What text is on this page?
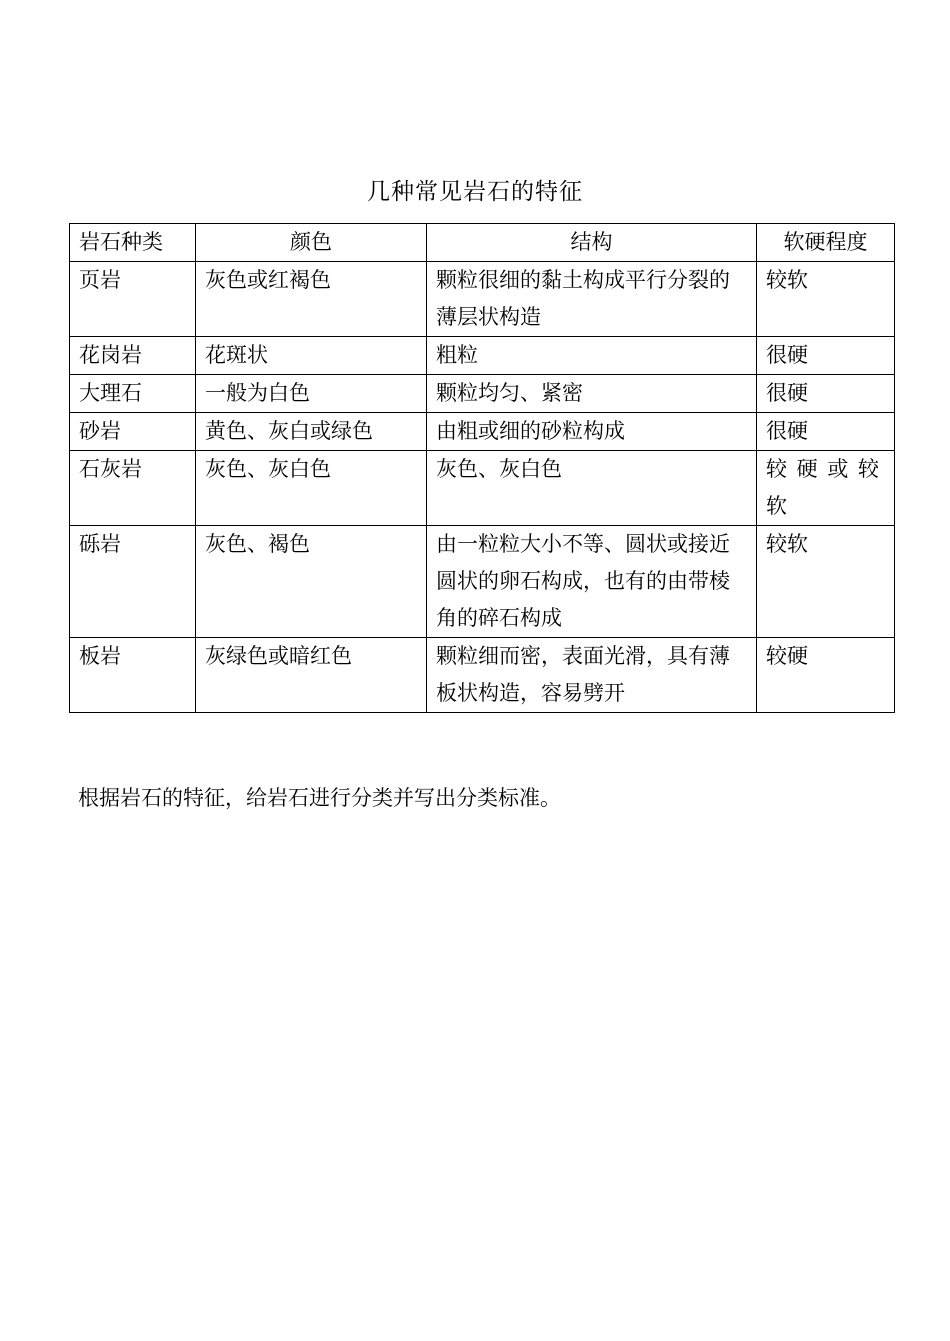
几种常见岩石的特征
岩石种类	颜色	结构	软硬程度
页岩	灰色或红褐色	颗粒很细的黏土构成平行分裂的薄层状构造	较软
花岗岩	花斑状	粗粒	很硬
大理石	一般为白色	颗粒均匀、紧密	很硬
砂岩	黄色、灰白或绿色	由粗或细的砂粒构成	很硬
石灰岩	灰色、灰白色	灰色、灰白色	较硬或较软
砾岩	灰色、褐色	由一粒粒大小不等、圆状或接近圆状的卵石构成，也有的由带棱角的碎石构成	较软
板岩	灰绿色或暗红色	颗粒细而密，表面光滑，具有薄板状构造，容易劈开	较硬
根据岩石的特征，给岩石进行分类并写出分类标准。
